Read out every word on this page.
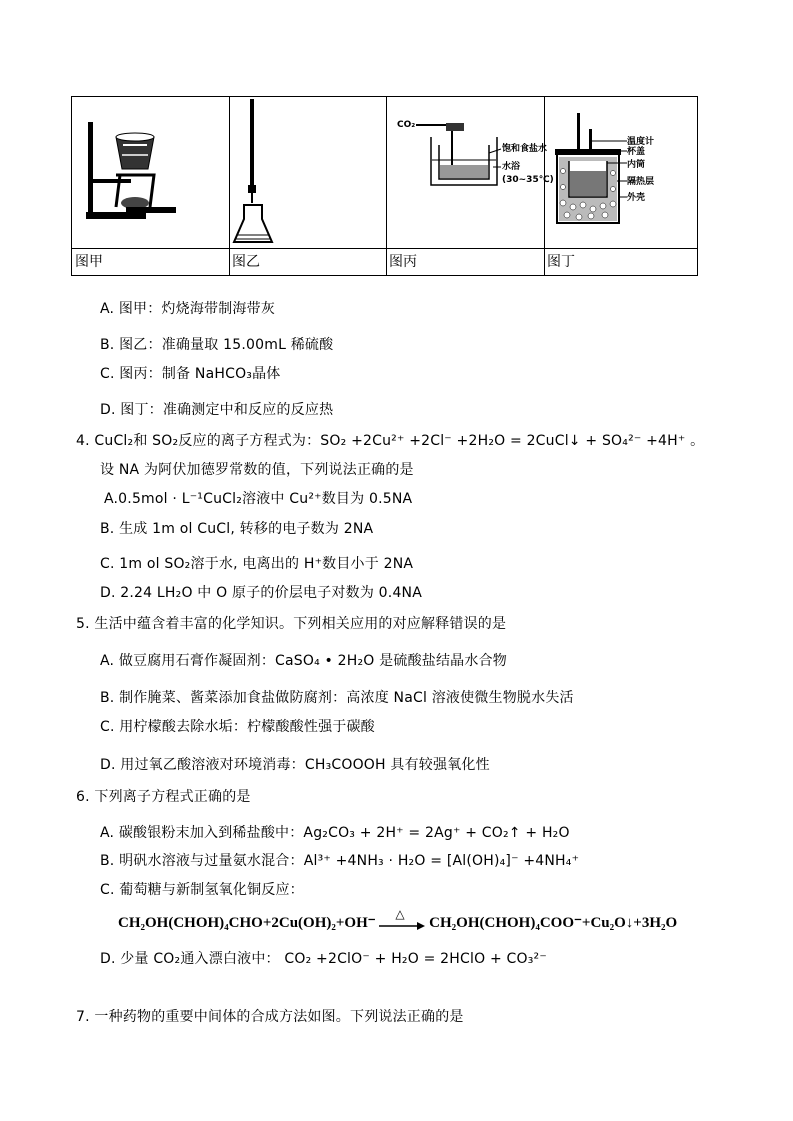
CO₂
饱和食盐水
水浴
(30~35℃)
温度计
杯盖
内筒
隔热层
外壳
图甲	图乙	图丙	图丁
A. 图甲：灼烧海带制海带灰
B. 图乙：准确量取 15.00mL 稀硫酸
C. 图丙：制备 NaHCO₃晶体
D. 图丁：准确测定中和反应的反应热
4. CuCl₂和 SO₂反应的离子方程式为：SO₂ +2Cu²⁺ +2Cl⁻ +2H₂O = 2CuCl↓ + SO₄²⁻ +4H⁺ 。
设 NA 为阿伏加德罗常数的值，下列说法正确的是
A.0.5mol · L⁻¹CuCl₂溶液中 Cu²⁺数目为 0.5NA
B. 生成 1m ol CuCl, 转移的电子数为 2NA
C. 1m ol SO₂溶于水, 电离出的 H⁺数目小于 2NA
D. 2.24 LH₂O 中 O 原子的价层电子对数为 0.4NA
5. 生活中蕴含着丰富的化学知识。下列相关应用的对应解释错误的是
A. 做豆腐用石膏作凝固剂：CaSO₄ • 2H₂O 是硫酸盐结晶水合物
B. 制作腌菜、酱菜添加食盐做防腐剂：高浓度 NaCl 溶液使微生物脱水失活
C. 用柠檬酸去除水垢：柠檬酸酸性强于碳酸
D. 用过氧乙酸溶液对环境消毒：CH₃COOOH 具有较强氧化性
6. 下列离子方程式正确的是
A. 碳酸银粉末加入到稀盐酸中：Ag₂CO₃ + 2H⁺ = 2Ag⁺ + CO₂↑ + H₂O
B. 明矾水溶液与过量氨水混合：Al³⁺ +4NH₃ · H₂O = [Al(OH)₄]⁻ +4NH₄⁺
C. 葡萄糖与新制氢氧化铜反应：
CH₂OH(CHOH)₄CHO+2Cu(OH)₂+OH⁻
△
CH₂OH(CHOH)₄COO⁻+Cu₂O↓+3H₂O
D. 少量 CO₂通入漂白液中： CO₂ +2ClO⁻ + H₂O = 2HClO + CO₃²⁻
7. 一种药物的重要中间体的合成方法如图。下列说法正确的是
